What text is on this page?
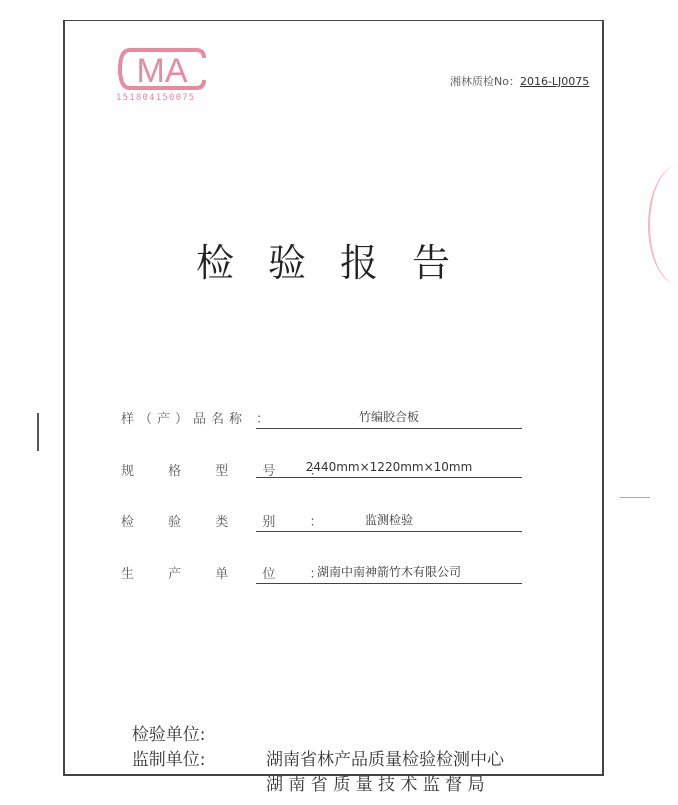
MA
151804150075
湘林质检No：2016-LJ0075
检验报告
样（产）品名称 ：	竹编胶合板
规 格 型 号 ：
2440mm×1220mm×10mm
检 验 类 别 ：	监测检验
生 产 单 位 ：
湖南中南神箭竹木有限公司

检验单位:

湖南省林产品质量检验检测中心

监制单位:

湖 南 省 质 量 技 术 监 督 局
